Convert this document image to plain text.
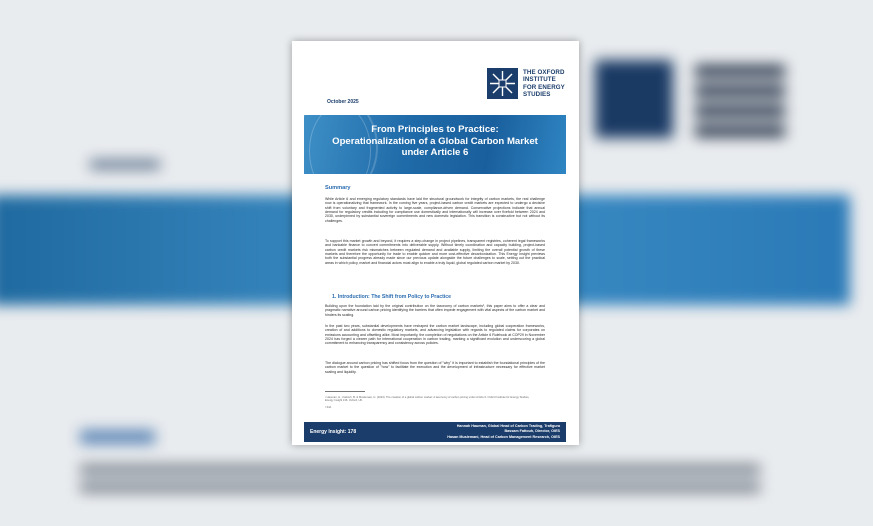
THE OXFORD
INSTITUTE
FOR ENERGY
STUDIES
October 2025
From Principles to Practice:
Operationalization of a Global Carbon Market
under Article 6
Summary
While Article 6 and emerging regulatory standards have laid the structural groundwork for integrity of carbon markets, the real challenge now is operationalizing that framework. In the coming five years, project-based carbon credit markets are expected to undergo a decisive shift from voluntary and fragmented activity to large-scale, compliance-driven demand. Conservative projections indicate that annual demand for regulatory credits including for compliance use domestically and internationally will increase over fivefold between 2024 and 2030, underpinned by substantial sovereign commitments and new domestic legislation. This transition is constructive but not without its challenges.
To support this market growth and beyond, it requires a step-change in project pipelines, transparent registries, coherent legal frameworks and bankable finance to convert commitments into deliverable supply. Without timely coordination and capacity building, project-based carbon credit markets risk mismatches between regulated demand and available supply, limiting the overall potential growth of these markets and therefore the opportunity for trade to enable quicker and more cost-effective decarbonization. This Energy Insight previews both the substantial progress already made since our previous update alongside the future challenges to scale, setting out the practical areas in which policy, market and financial actors must align to enable a truly liquid, global regulated carbon market by 2030.
1. Introduction: The Shift from Policy to Practice
Building upon the foundation laid by the original contribution on the taxonomy of carbon markets¹, this paper aims to offer a clear and pragmatic narrative around carbon pricing identifying the barriers that often impede engagement with vital aspects of the carbon market and hinders its scaling.
In the past two years, substantial developments have reshaped the carbon market landscape, including global cooperation frameworks, creation of and additions to domestic regulatory markets, and advancing legislation with regards to regulated claims for corporates on emissions accounting and offsetting alike. Most importantly, the completion of negotiations on the Article 6 Rulebook at COP29 in November 2024 has forged a clearer path for international cooperation in carbon trading, marking a significant evolution and underscoring a global commitment to enhancing transparency and consistency across policies.
The dialogue around carbon pricing has shifted focus from the question of "why" it is important to establish the foundational principles of the carbon market to the question of "how" to facilitate the execution and the development of infrastructure necessary for effective market scaling and liquidity.
¹ Hauman, H., Fattouh, B. & Muslemani, H. (2023). The creation of a global carbon market: A taxonomy of carbon pricing under Article 6. Oxford Institute for Energy Studies, Energy Insight 136. Oxford, UK.
² Ibid.
Energy Insight: 178
Hannah Hauman, Global Head of Carbon Trading, Trafigura
Bassam Fattouh, Director, OIES
Hasan Muslemani, Head of Carbon Management Research, OIES
